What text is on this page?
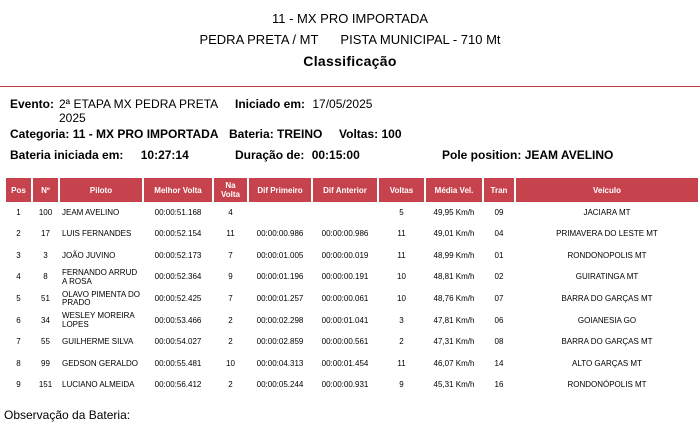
11 - MX PRO IMPORTADA
PEDRA PRETA / MT PISTA MUNICIPAL - 710 Mt
Classificação
Evento: 2ª ETAPA MX PEDRA PRETA 2025
Iniciado em: 17/05/2025
Categoria: 11 - MX PRO IMPORTADA Bateria: TREINO Voltas: 100
Bateria iniciada em: 10:27:14	Duração de: 00:15:00	Pole position: JEAM AVELINO
Pos	Nº	Piloto	Melhor Volta	Na Volta	Dif Primeiro	Dif Anterior	Voltas	Média Vel.	Tran	Veículo
1	100	JEAM AVELINO	00:00:51.168	4			5	49,95 Km/h	09	JACIARA MT
2	17	LUIS FERNANDES	00:00:52.154	11	00:00:00.986	00:00:00.986	11	49,01 Km/h	04	PRIMAVERA DO LESTE MT
3	3	JOÃO JUVINO	00:00:52.173	7	00:00:01.005	00:00:00.019	11	48,99 Km/h	01	RONDONOPOLIS MT
4	8	FERNANDO ARRUDA ROSA	00:00:52.364	9	00:00:01.196	00:00:00.191	10	48,81 Km/h	02	GUIRATINGA MT
5	51	OLAVO PIMENTA DO PRADO	00:00:52.425	7	00:00:01.257	00:00:00.061	10	48,76 Km/h	07	BARRA DO GARÇAS MT
6	34	WESLEY MOREIRA LOPES	00:00:53.466	2	00:00:02.298	00:00:01.041	3	47,81 Km/h	06	GOIANESIA GO
7	55	GUILHERME SILVA	00:00:54.027	2	00:00:02.859	00:00:00.561	2	47,31 Km/h	08	BARRA DO GARÇAS MT
8	99	GEDSON GERALDO	00:00:55.481	10	00:00:04.313	00:00:01.454	11	46,07 Km/h	14	ALTO GARÇAS MT
9	151	LUCIANO ALMEIDA	00:00:56.412	2	00:00:05.244	00:00:00.931	9	45,31 Km/h	16	RONDONÓPOLIS MT
Observação da Bateria:
